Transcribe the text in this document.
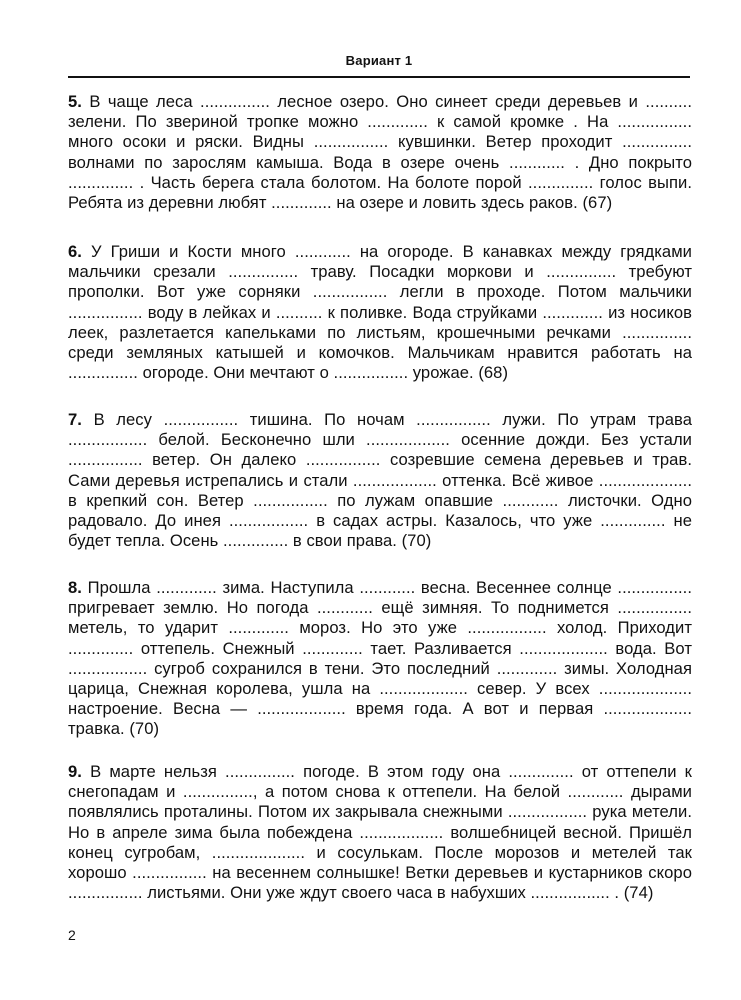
Вариант 1
5. В чаще леса ............... лесное озеро. Оно синеет среди деревьев и .......... зелени. По звериной тропке можно ............. к самой кромке . На ................ много осоки и ряски. Видны ................ кувшинки. Ветер проходит ............... волнами по зарослям камыша. Вода в озере очень ............ . Дно покрыто .............. . Часть берега стала болотом. На болоте порой .............. голос выпи. Ребята из деревни любят ............. на озере и ловить здесь раков. (67)
6. У Гриши и Кости много ............ на огороде. В канавках между грядками мальчики срезали ............... траву. Посадки моркови и ............... требуют прополки. Вот уже сорняки ................ легли в проходе. Потом мальчики ................ воду в лейках и .......... к поливке. Вода струйками ............. из носиков леек, разлетается капельками по листьям, крошечными речками ............... среди земляных катышей и комочков. Мальчикам нравится работать на ............... огороде. Они мечтают о ................ урожае. (68)
7. В лесу ................ тишина. По ночам ................ лужи. По утрам трава ................. белой. Бесконечно шли .................. осенние дожди. Без устали ................ ветер. Он далеко ................ созревшие семена деревьев и трав. Сами деревья истрепались и стали .................. оттенка. Всё живое .................... в крепкий сон. Ветер ................ по лужам опавшие ............ листочки. Одно радовало. До инея ................. в садах астры. Казалось, что уже .............. не будет тепла. Осень .............. в свои права. (70)
8. Прошла ............. зима. Наступила ............ весна. Весеннее солнце ................ пригревает землю. Но погода ............ ещё зимняя. То поднимется ................ метель, то ударит ............. мороз. Но это уже ................. холод. Приходит .............. оттепель. Снежный ............. тает. Разливается ................... вода. Вот ................. сугроб сохранился в тени. Это последний ............. зимы. Холодная царица, Снежная королева, ушла на ................... север. У всех .................... настроение. Весна — ................... время года. А вот и первая ................... травка. (70)
9. В марте нельзя ............... погоде. В этом году она .............. от оттепели к снегопадам и ..............., а потом снова к оттепели. На белой ............ дырами появлялись проталины. Потом их закрывала снежными ................. рука метели. Но в апреле зима была побеждена .................. волшебницей весной. Пришёл конец сугробам, .................... и сосулькам. После морозов и метелей так хорошо ................ на весеннем солнышке! Ветки деревьев и кустарников скоро ................ листьями. Они уже ждут своего часа в набухших ................. . (74)
2
